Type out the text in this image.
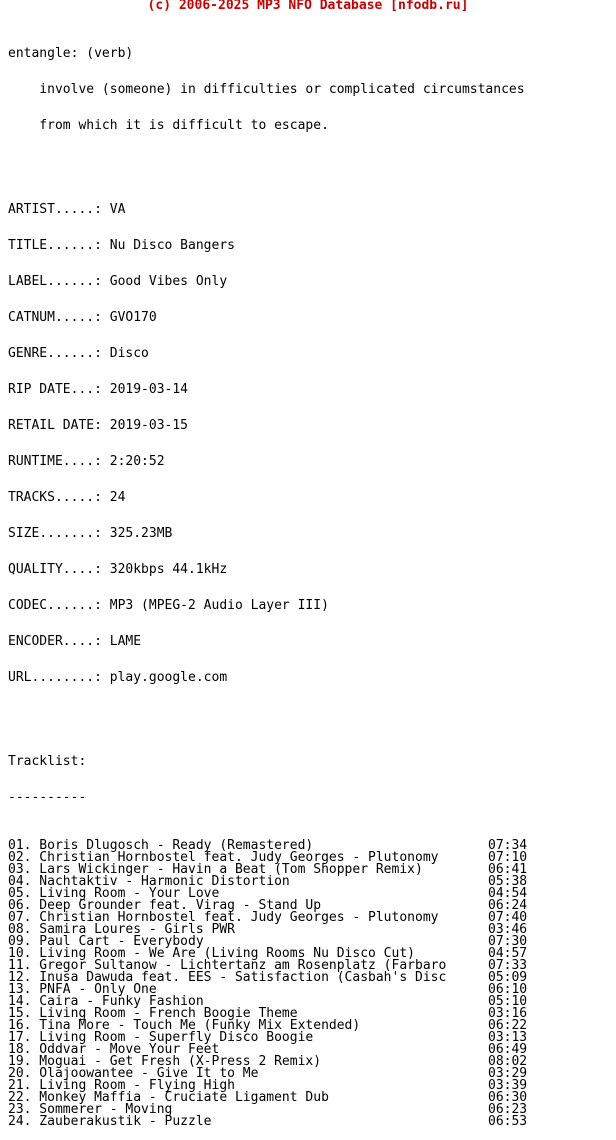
(c) 2006-2025 MP3 NFO Database [nfodb.ru]

entangle: (verb)

involve (someone) in difficulties or complicated circumstances

from which it is difficult to escape.

ARTIST.....: VA

TITLE......: Nu Disco Bangers

LABEL......: Good Vibes Only

CATNUM.....: GVO170

GENRE......: Disco

RIP DATE...: 2019-03-14

RETAIL DATE: 2019-03-15

RUNTIME....: 2:20:52

TRACKS.....: 24

SIZE.......: 325.23MB

QUALITY....: 320kbps 44.1kHz

CODEC......: MP3 (MPEG-2 Audio Layer III)

ENCODER....: LAME

URL........: play.google.com

Tracklist:

----------

01. Boris Dlugosch - Ready (Remastered)	07:34
02. Christian Hornbostel feat. Judy Georges - Plutonomy	07:10
03. Lars Wickinger - Havin a Beat (Tom Shopper Remix)	06:41
04. Nachtaktiv - Harmonic Distortion	05:38
05. Living Room - Your Love	04:54
06. Deep Grounder feat. Virag - Stand Up	06:24
07. Christian Hornbostel feat. Judy Georges - Plutonomy	07:40
08. Samira Loures - Girls PWR	03:46
09. Paul Cart - Everybody	07:30
10. Living Room - We Are (Living Rooms Nu Disco Cut)	04:57
11. Gregor Sultanow - Lichtertanz am Rosenplatz (Farbaro	07:33
12. Inusa Dawuda feat. EES - Satisfaction (Casbah's Disc	05:09
13. PNFA - Only One	06:10
14. Caira - Funky Fashion	05:10
15. Living Room - French Boogie Theme	03:16
16. Tina More - Touch Me (Funky Mix Extended)	06:22
17. Living Room - Superfly Disco Boogie	03:13
18. Oddvar - Move Your Feet	06:49
19. Moguai - Get Fresh (X-Press 2 Remix)	08:02
20. Olajoowantee - Give It to Me	03:29
21. Living Room - Flying High	03:39
22. Monkey Maffia - Cruciate Ligament Dub	06:30
23. Sommerer - Moving	06:23
24. Zauberakustik - Puzzle	06:53
